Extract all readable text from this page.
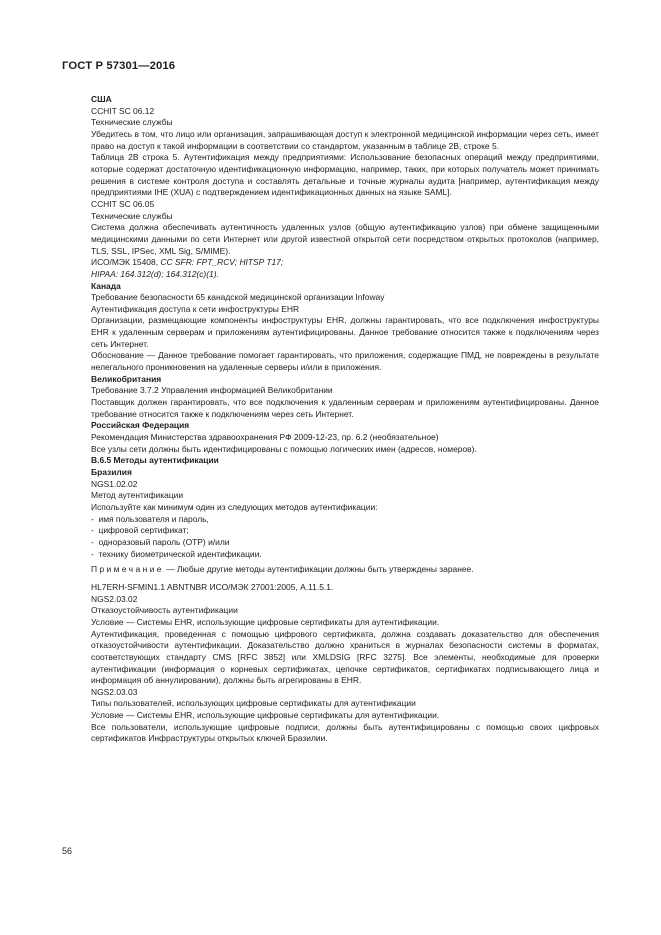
ГОСТ Р 57301—2016

США

CCHIT SC 06.12

Технические службы

Убедитесь в том, что лицо или организация, запрашивающая доступ к электронной медицинской информации через сеть, имеет право на доступ к такой информации в соответствии со стандартом, указанным в таблице 2В, строке 5.

Таблица 2В строка 5. Аутентификация между предприятиями: Использование безопасных операций между предприятиями, которые содержат достаточную идентификационную информацию, например, таких, при которых получатель может принимать решения в системе контроля доступа и составлять детальные и точные журналы аудита [например, аутентификация между предприятиями IHE (XUA) с подтверждением идентификационных данных на языке SAML].

CCHIT SC 06.05

Технические службы

Система должна обеспечивать аутентичность удаленных узлов (общую аутентификацию узлов) при обмене защищенными медицинскими данными по сети Интернет или другой известной открытой сети посредством открытых протоколов (например, TLS, SSL, IPSec, XML Sig, S/MIME).

ИСО/МЭК 15408, CC SFR: FPT_RCV; HITSP T17;

HIPAA: 164.312(d); 164.312(c)(1).

Канада

Требование безопасности 65 канадской медицинской организации Infoway

Аутентификация доступа к сети инфоструктуры EHR

Организации, размещающие компоненты инфоструктуры EHR, должны гарантировать, что все подключения инфоструктуры EHR к удаленным серверам и приложениям аутентифицированы. Данное требование относится также к подключениям через сеть Интернет.

Обоснование — Данное требование помогает гарантировать, что приложения, содержащие ПМД, не повреждены в результате нелегального проникновения на удаленные серверы и/или в приложения.

Великобритания

Требование 3.7.2 Управления информацией Великобритании

Поставщик должен гарантировать, что все подключения к удаленным серверам и приложениям аутентифицированы. Данное требование относится также к подключениям через сеть Интернет.

Российская Федерация

Рекомендация Министерства здравоохранения РФ 2009-12-23, пр. 6.2 (необязательное)

Все узлы сети должны быть идентифицированы с помощью логических имен (адресов, номеров).

В.6.5 Методы аутентификации

Бразилия

NGS1.02.02

Метод аутентификации

Используйте как минимум один из следующих методов аутентификации:

-  имя пользователя и пароль,
-  цифровой сертификат;
-  одноразовый пароль (ОТР) и/или
-  технику биометрической идентификации.

Примечание — Любые другие методы аутентификации должны быть утверждены заранее.

HL7ERH-SFMIN1.1 ABNTNBR ИСО/МЭК 27001:2005, A.11.5.1.

NGS2.03.02

Отказоустойчивость аутентификации

Условие — Системы EHR, использующие цифровые сертификаты для аутентификации.

Аутентификация, проведенная с помощью цифрового сертификата, должна создавать доказательство для обеспечения отказоустойчивости аутентификации. Доказательство должно храниться в журналах безопасности системы в форматах, соответствующих стандарту CMS [RFC 3852] или XMLDSIG [RFC 3275]. Все элементы, необходимые для проверки аутентификации (информация о корневых сертификатах, цепочке сертификатов, сертификатах подписывающего лица и информация об аннулировании), должны быть агрегированы в EHR.

NGS2.03.03

Типы пользователей, использующих цифровые сертификаты для аутентификации

Условие — Системы EHR, использующие цифровые сертификаты для аутентификации.

Все пользователи, использующие цифровые подписи, должны быть аутентифицированы с помощью своих цифровых сертификатов Инфраструктуры открытых ключей Бразилии.

56
